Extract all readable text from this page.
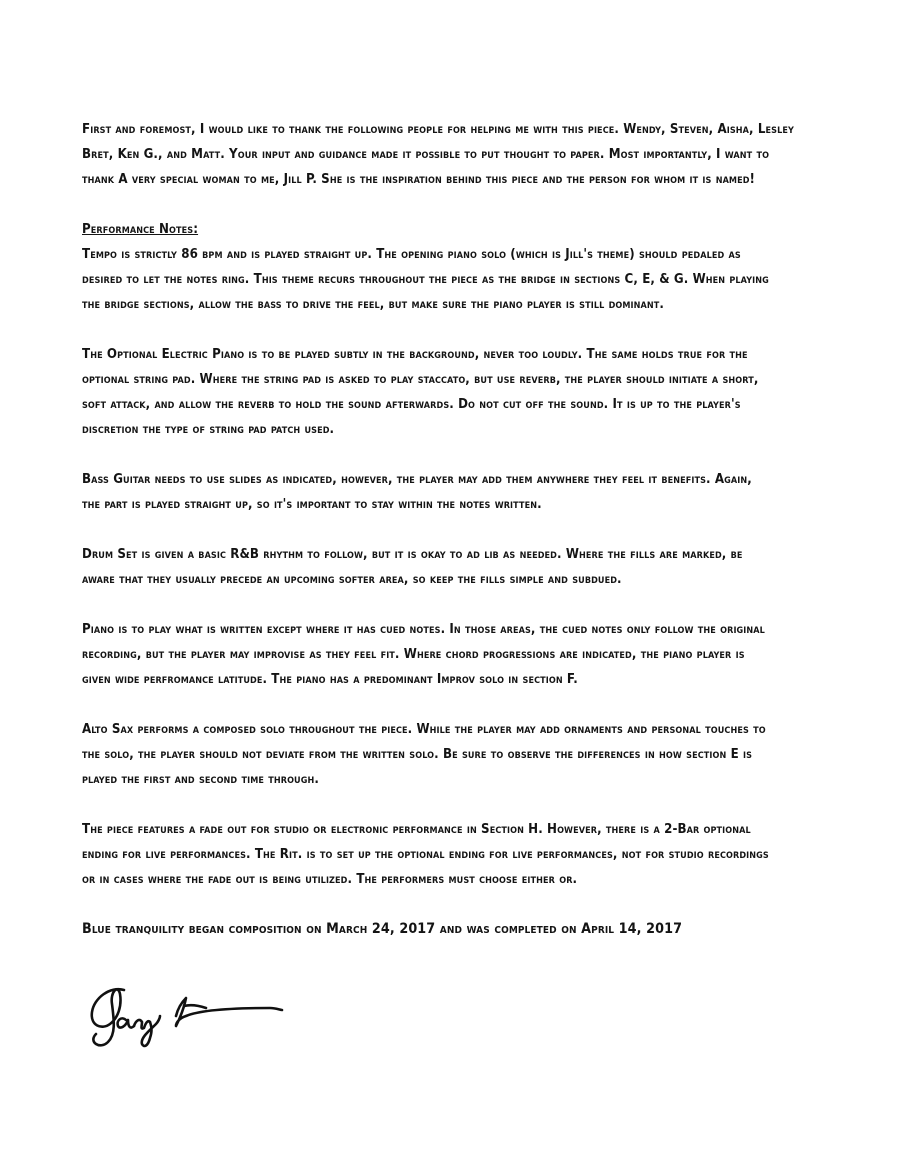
First and foremost, I would like to thank the following people for helping me with this piece. Wendy, Steven, Aisha, Lesley
Bret, Ken G., and Matt. Your input and guidance made it possible to put thought to paper. Most importantly, I want to
thank A very special woman to me, Jill P. She is the inspiration behind this piece and the person for whom it is named!

Performance Notes:
Tempo is strictly 86 bpm and is played straight up. The opening piano solo (which is Jill's theme) should pedaled as
desired to let the notes ring. This theme recurs throughout the piece as the bridge in sections C, E, & G. When playing
the bridge sections, allow the bass to drive the feel, but make sure the piano player is still dominant.

The Optional Electric Piano is to be played subtly in the background, never too loudly. The same holds true for the
optional string pad. Where the string pad is asked to play staccato, but use reverb, the player should initiate a short,
soft attack, and allow the reverb to hold the sound afterwards. Do not cut off the sound. It is up to the player's
discretion the type of string pad patch used.

Bass Guitar needs to use slides as indicated, however, the player may add them anywhere they feel it benefits. Again,
the part is played straight up, so it's important to stay within the notes written.

Drum Set is given a basic R&B rhythm to follow, but it is okay to ad lib as needed. Where the fills are marked, be
aware that they usually precede an upcoming softer area, so keep the fills simple and subdued.

Piano is to play what is written except where it has cued notes. In those areas, the cued notes only follow the original
recording, but the player may improvise as they feel fit. Where chord progressions are indicated, the piano player is
given wide perfromance latitude. The piano has a predominant Improv solo in section F.

Alto Sax performs a composed solo throughout the piece. While the player may add ornaments and personal touches to
the solo, the player should not deviate from the written solo. Be sure to observe the differences in how section E is
played the first and second time through.

The piece features a fade out for studio or electronic performance in Section H. However, there is a 2-Bar optional
ending for live performances. The Rit. is to set up the optional ending for live performances, not for studio recordings
or in cases where the fade out is being utilized. The performers must choose either or.

Blue tranquility began composition on March 24, 2017 and was completed on April 14, 2017
